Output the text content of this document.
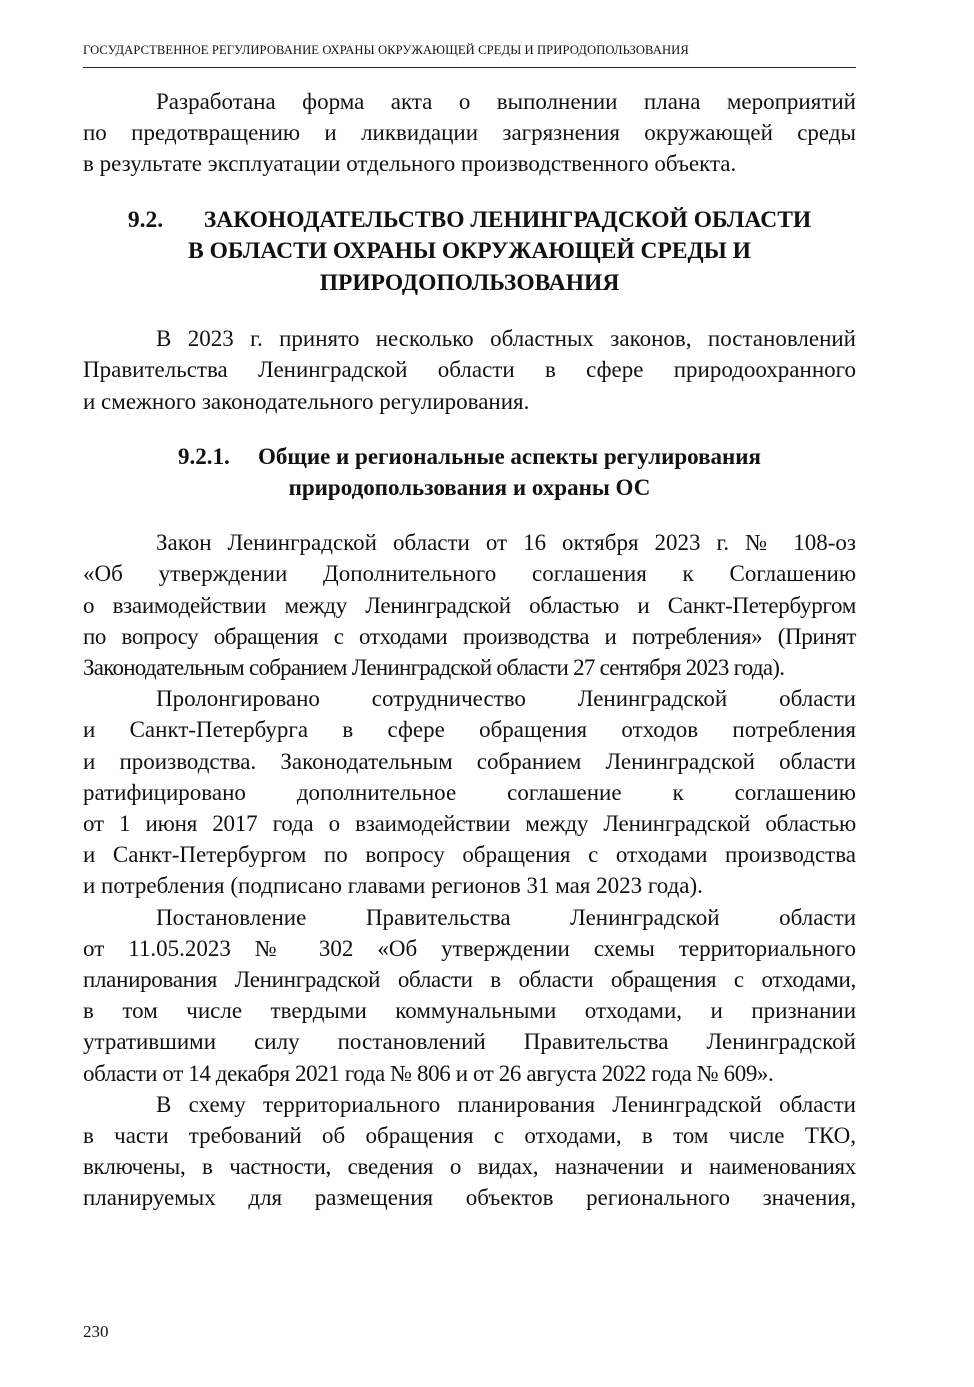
ГОСУДАРСТВЕННОЕ РЕГУЛИРОВАНИЕ ОХРАНЫ ОКРУЖАЮЩЕЙ СРЕДЫ И ПРИРОДОПОЛЬЗОВАНИЯ
Разработана форма акта о выполнении плана мероприятий
по предотвращению и ликвидации загрязнения окружающей среды
в результате эксплуатации отдельного производственного объекта.
9.2. ЗАКОНОДАТЕЛЬСТВО ЛЕНИНГРАДСКОЙ ОБЛАСТИ
В ОБЛАСТИ ОХРАНЫ ОКРУЖАЮЩЕЙ СРЕДЫ И
ПРИРОДОПОЛЬЗОВАНИЯ
В 2023 г. принято несколько областных законов, постановлений
Правительства Ленинградской области в сфере природоохранного
и смежного законодательного регулирования.
9.2.1. Общие и региональные аспекты регулирования
природопользования и охраны ОС
Закон Ленинградской области от 16 октября 2023 г. № 108-оз
«Об утверждении Дополнительного соглашения к Соглашению
о взаимодействии между Ленинградской областью и Санкт-Петербургом
по вопросу обращения с отходами производства и потребления» (Принят
Законодательным собранием Ленинградской области 27 сентября 2023 года).
Пролонгировано сотрудничество Ленинградской области
и Санкт-Петербурга в сфере обращения отходов потребления
и производства. Законодательным собранием Ленинградской области
ратифицировано дополнительное соглашение к соглашению
от 1 июня 2017 года о взаимодействии между Ленинградской областью
и Санкт-Петербургом по вопросу обращения с отходами производства
и потребления (подписано главами регионов 31 мая 2023 года).
Постановление Правительства Ленинградской области
от 11.05.2023 № 302 «Об утверждении схемы территориального
планирования Ленинградской области в области обращения с отходами,
в том числе твердыми коммунальными отходами, и признании
утратившими силу постановлений Правительства Ленинградской
области от 14 декабря 2021 года № 806 и от 26 августа 2022 года № 609».
В схему территориального планирования Ленинградской области
в части требований об обращения с отходами, в том числе ТКО,
включены, в частности, сведения о видах, назначении и наименованиях
планируемых для размещения объектов регионального значения,
230
